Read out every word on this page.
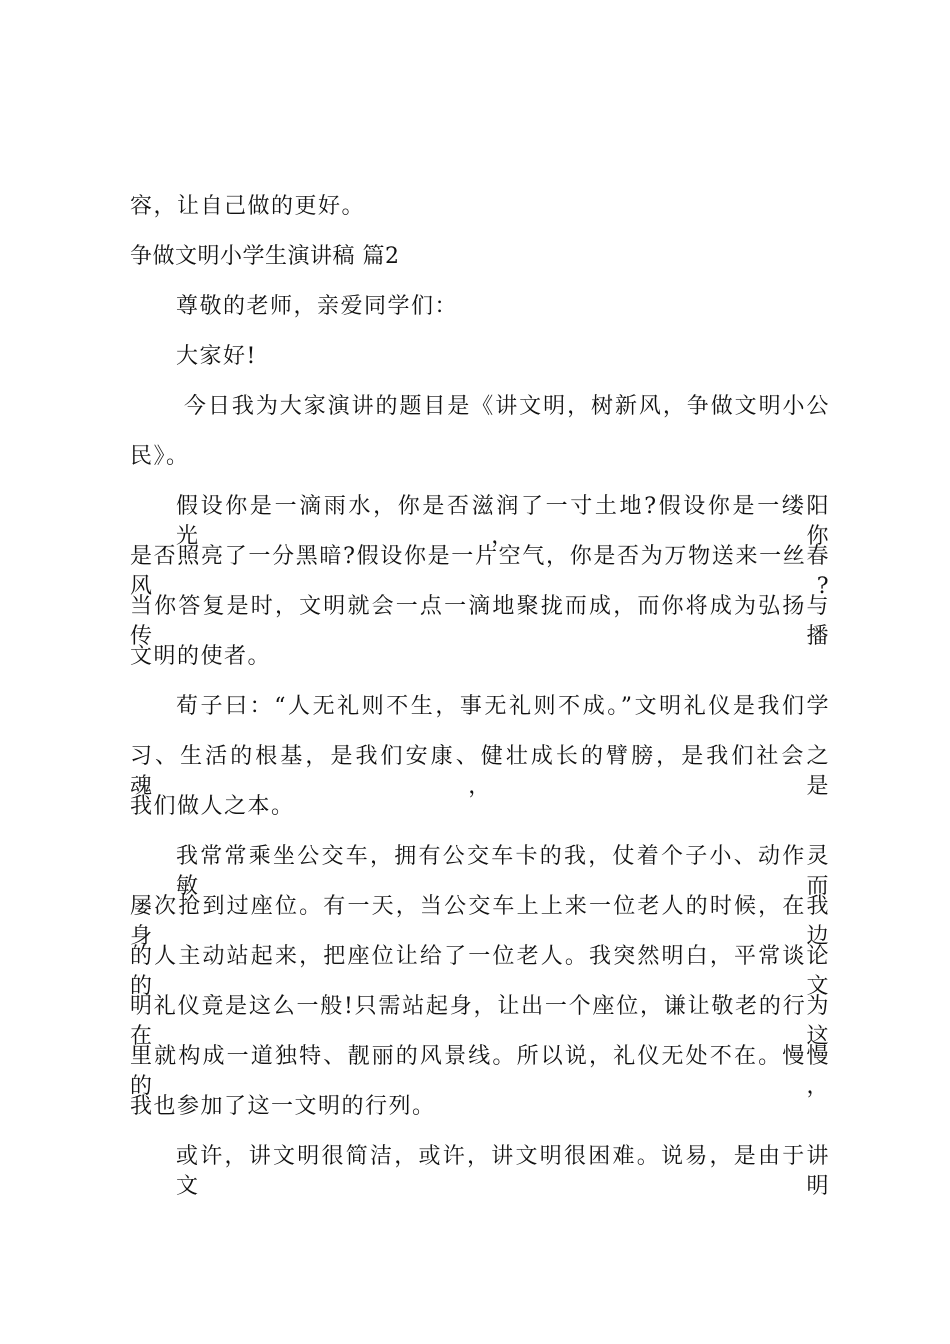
容，让自己做的更好。
争做文明小学生演讲稿 篇2
尊敬的老师，亲爱同学们：
大家好!
今日我为大家演讲的题目是《讲文明，树新风，争做文明小公
民》。
假设你是一滴雨水，你是否滋润了一寸土地?假设你是一缕阳光，你
是否照亮了一分黑暗?假设你是一片空气，你是否为万物送来一丝春风?
当你答复是时，文明就会一点一滴地聚拢而成，而你将成为弘扬与传播
文明的使者。
荀子曰：“人无礼则不生，事无礼则不成。”文明礼仪是我们学
习、生活的根基，是我们安康、健壮成长的臂膀，是我们社会之魂，是
我们做人之本。
我常常乘坐公交车，拥有公交车卡的我，仗着个子小、动作灵敏而
屡次抢到过座位。有一天，当公交车上上来一位老人的时候，在我身边
的人主动站起来，把座位让给了一位老人。我突然明白，平常谈论的文
明礼仪竟是这么一般!只需站起身，让出一个座位，谦让敬老的行为在这
里就构成一道独特、靓丽的风景线。所以说，礼仪无处不在。慢慢的，
我也参加了这一文明的行列。
或许，讲文明很简洁，或许，讲文明很困难。说易，是由于讲文明
